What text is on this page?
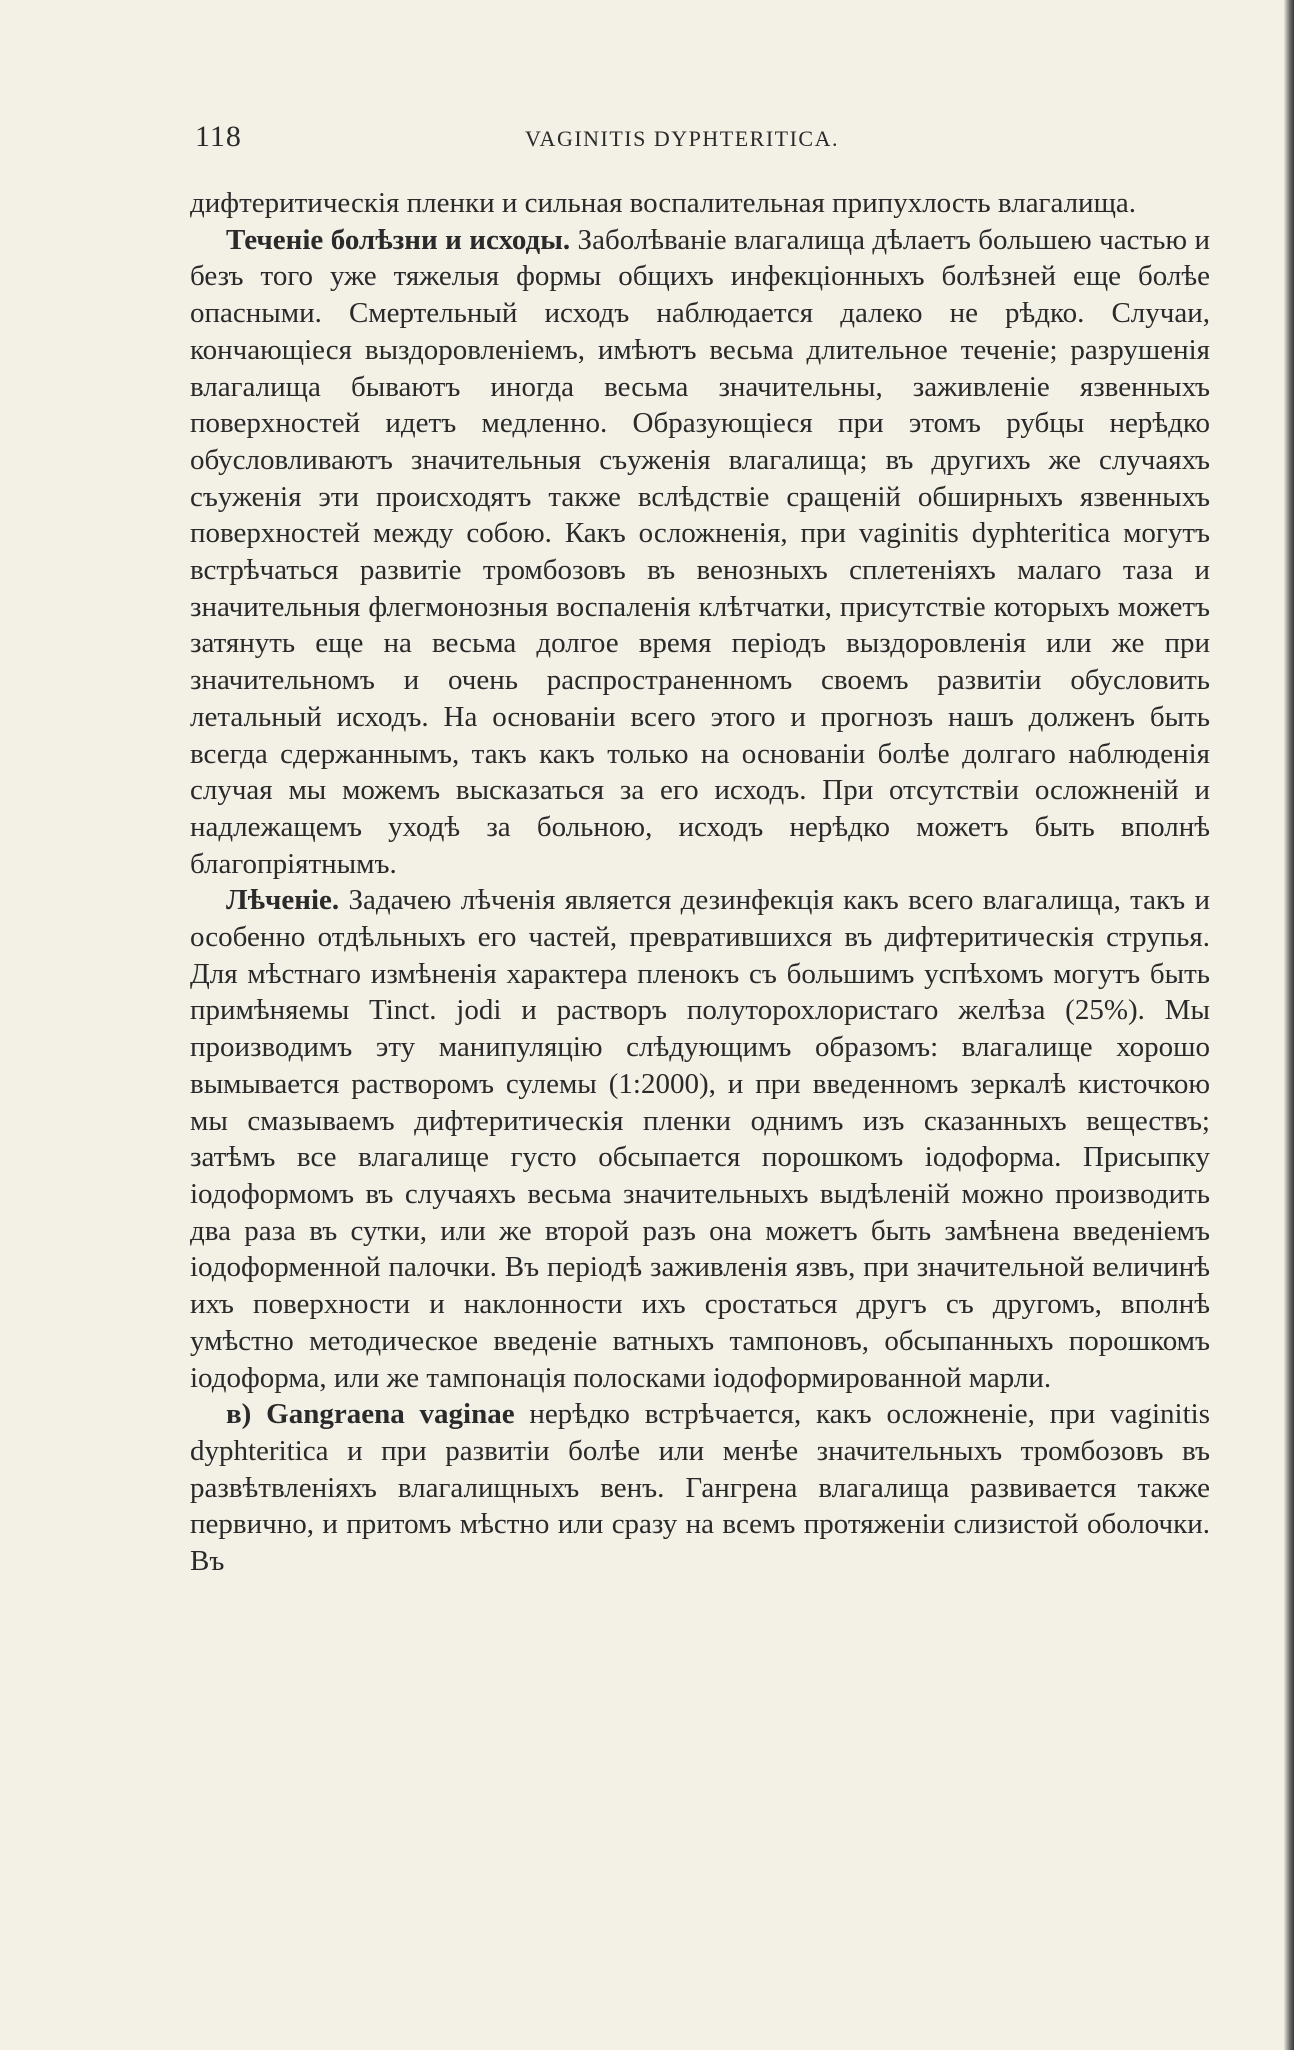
118	VAGINITIS DYPHTERITICA.

дифтеритическія пленки и сильная воспалительная припухлость влагалища.

Теченіе болѣзни и исходы. Заболѣваніе влагалища дѣлаетъ большею частью и безъ того уже тяжелыя формы общихъ инфекціонныхъ болѣзней еще болѣе опасными. Смертельный исходъ наблюдается далеко не рѣдко. Случаи, кончающіеся выздоровленіемъ, имѣютъ весьма длительное теченіе; разрушенія влагалища бываютъ иногда весьма значительны, заживленіе язвенныхъ поверхностей идетъ медленно. Образующіеся при этомъ рубцы нерѣдко обусловливаютъ значительныя съуженія влагалища; въ другихъ же случаяхъ съуженія эти происходятъ также вслѣдствіе сращеній обширныхъ язвенныхъ поверхностей между собою. Какъ осложненія, при vaginitis dyphteritica могутъ встрѣчаться развитіе тромбозовъ въ венозныхъ сплетеніяхъ малаго таза и значительныя флегмонозныя воспаленія клѣтчатки, присутствіе которыхъ можетъ затянуть еще на весьма долгое время періодъ выздоровленія или же при значительномъ и очень распространенномъ своемъ развитіи обусловить летальный исходъ. На основаніи всего этого и прогнозъ нашъ долженъ быть всегда сдержаннымъ, такъ какъ только на основаніи болѣе долгаго наблюденія случая мы можемъ высказаться за его исходъ. При отсутствіи осложненій и надлежащемъ уходѣ за больною, исходъ нерѣдко можетъ быть вполнѣ благопріятнымъ.

Лѣченіе. Задачею лѣченія является дезинфекція какъ всего влагалища, такъ и особенно отдѣльныхъ его частей, превратившихся въ дифтеритическія струпья. Для мѣстнаго измѣненія характера пленокъ съ большимъ успѣхомъ могутъ быть примѣняемы Tinct. jodi и растворъ полуторохлористаго желѣза (25%). Мы производимъ эту манипуляцію слѣдующимъ образомъ: влагалище хорошо вымывается растворомъ сулемы (1:2000), и при введенномъ зеркалѣ кисточкою мы смазываемъ дифтеритическія пленки однимъ изъ сказанныхъ веществъ; затѣмъ все влагалище густо обсыпается порошкомъ іодоформа. Присыпку іодоформомъ въ случаяхъ весьма значительныхъ выдѣленій можно производить два раза въ сутки, или же второй разъ она можетъ быть замѣнена введеніемъ іодоформенной палочки. Въ періодѣ заживленія язвъ, при значительной величинѣ ихъ поверхности и наклонности ихъ сростаться другъ съ другомъ, вполнѣ умѣстно методическое введеніе ватныхъ тампоновъ, обсыпанныхъ порошкомъ іодоформа, или же тампонація полосками іодоформированной марли.

в) Gangraena vaginae нерѣдко встрѣчается, какъ осложненіе, при vaginitis dyphteritica и при развитіи болѣе или менѣе значительныхъ тромбозовъ въ развѣтвленіяхъ влагалищныхъ венъ. Гангрена влагалища развивается также первично, и притомъ мѣстно или сразу на всемъ протяженіи слизистой оболочки. Въ
